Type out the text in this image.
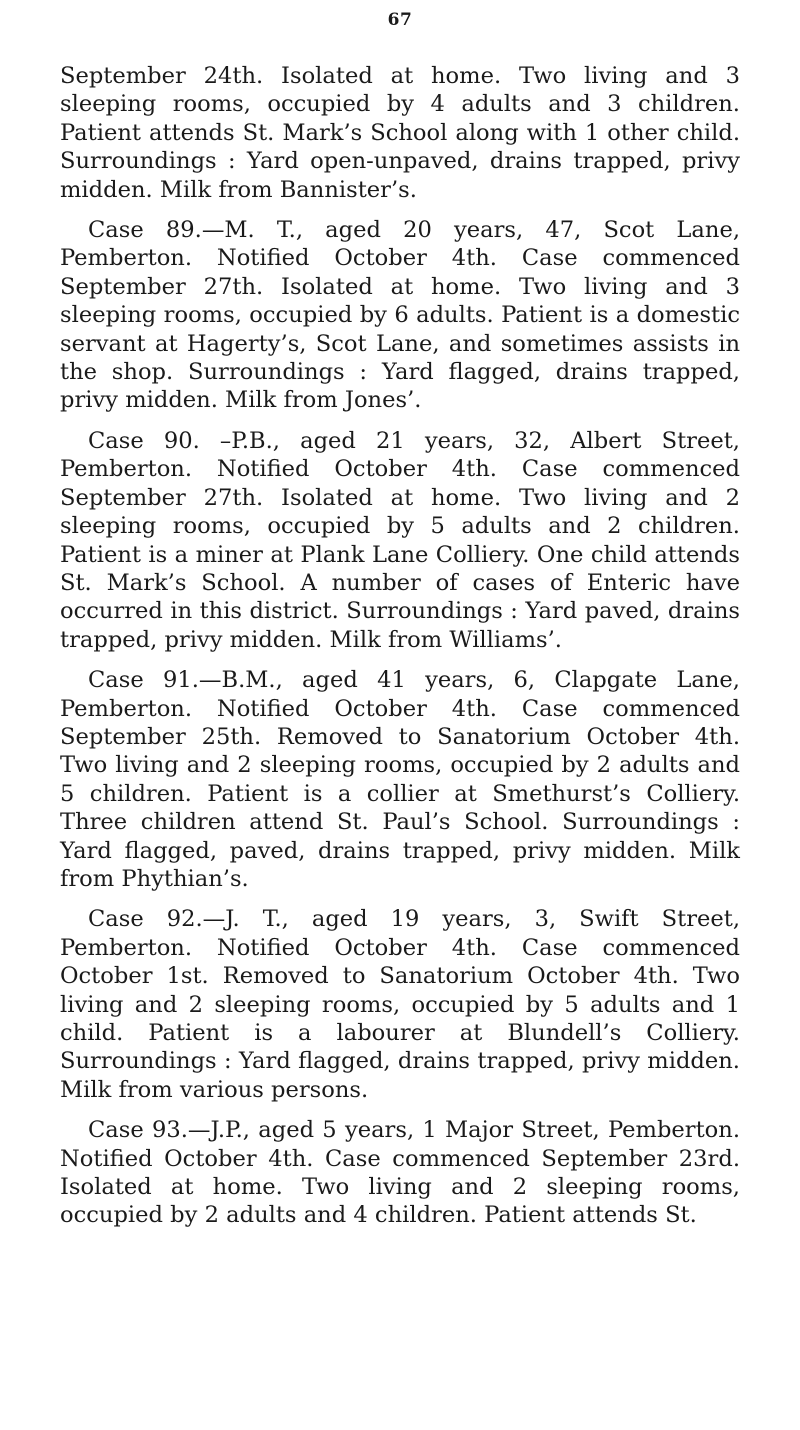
67

September 24th. Isolated at home. Two living and 3 sleeping rooms, occupied by 4 adults and 3 children. Patient attends St. Mark’s School along with 1 other child. Surroundings : Yard open-unpaved, drains trapped, privy midden. Milk from Bannister’s.

Case 89.—M. T., aged 20 years, 47, Scot Lane, Pemberton. Notified October 4th. Case commenced September 27th. Isolated at home. Two living and 3 sleeping rooms, occupied by 6 adults. Patient is a domestic servant at Hagerty’s, Scot Lane, and sometimes assists in the shop. Surroundings : Yard flagged, drains trapped, privy midden. Milk from Jones’.

Case 90. –P.B., aged 21 years, 32, Albert Street, Pemberton. Notified October 4th. Case commenced September 27th. Isolated at home. Two living and 2 sleeping rooms, occupied by 5 adults and 2 children. Patient is a miner at Plank Lane Colliery. One child attends St. Mark’s School. A number of cases of Enteric have occurred in this district. Surroundings : Yard paved, drains trapped, privy midden. Milk from Williams’.

Case 91.—B.M., aged 41 years, 6, Clapgate Lane, Pemberton. Notified October 4th. Case commenced September 25th. Removed to Sanatorium October 4th. Two living and 2 sleeping rooms, occupied by 2 adults and 5 children. Patient is a collier at Smethurst’s Colliery. Three children attend St. Paul’s School. Surroundings : Yard flagged, paved, drains trapped, privy midden. Milk from Phythian’s.

Case 92.—J. T., aged 19 years, 3, Swift Street, Pemberton. Notified October 4th. Case commenced October 1st. Removed to Sanatorium October 4th. Two living and 2 sleeping rooms, occupied by 5 adults and 1 child. Patient is a labourer at Blundell’s Colliery. Surroundings : Yard flagged, drains trapped, privy midden. Milk from various persons.

Case 93.—J.P., aged 5 years, 1 Major Street, Pemberton. Notified October 4th. Case commenced September 23rd. Isolated at home. Two living and 2 sleeping rooms, occupied by 2 adults and 4 children. Patient attends St.
